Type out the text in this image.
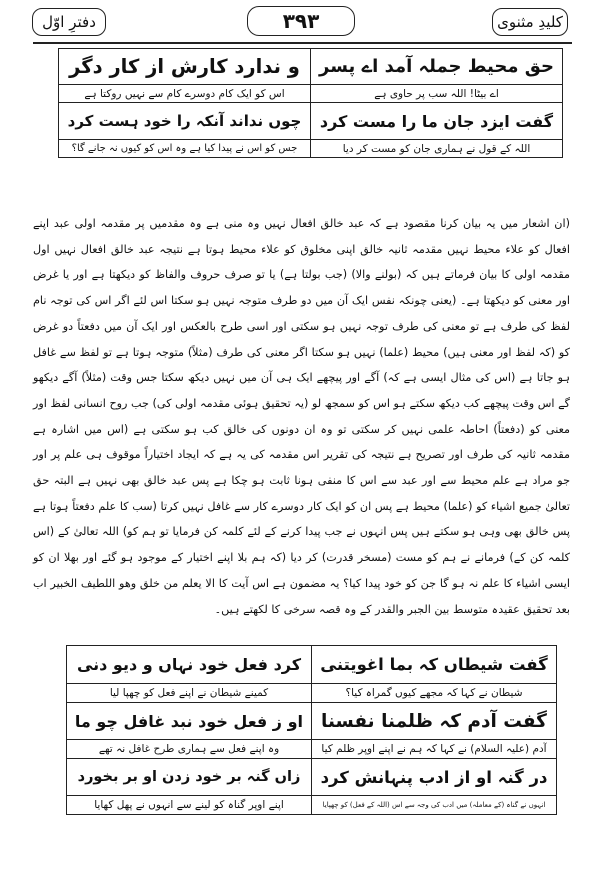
کلیدِ مثنوی
۳۹۳
دفترِ اوّل
حق محیط جملہ آمد اے پسر	و ندارد کارش از کار دگر
اے بیٹا! اللہ سب پر حاوی ہے	اس کو ایک کام دوسرے کام سے نہیں روکتا ہے
گفت ایزد جان ما را مست کرد	چوں نداند آنکہ را خود ہست کرد
اللہ کے قول نے ہماری جان کو مست کر دیا	جس کو اس نے پیدا کیا ہے وہ اس کو کیوں نہ جانے گا؟

(ان اشعار میں یہ بیان کرنا مقصود ہے کہ عبد خالق افعال نہیں وہ منی ہے وہ مقدمیں پر مقدمہ اولی عبد اپنے افعال کو علاء محیط نہیں مقدمہ ثانیہ خالق اپنی مخلوق کو علاء محیط ہوتا ہے نتیجہ عبد خالق افعال نہیں اول مقدمہ اولی کا بیان فرماتے ہیں کہ (بولنے والا) (جب بولتا ہے) یا تو صرف حروف والفاظ کو دیکھتا ہے اور یا غرض اور معنی کو دیکھتا ہے۔ (یعنی چونکہ نفس ایک آن میں دو طرف متوجہ نہیں ہو سکتا اس لئے اگر اس کی توجہ نام لفظ کی طرف ہے تو معنی کی طرف توجہ نہیں ہو سکتی اور اسی طرح بالعکس اور ایک آن میں دفعتاً دو غرض کو (کہ لفظ اور معنی ہیں) محیط (علما) نہیں ہو سکتا اگر معنی کی طرف (مثلاً) متوجہ ہوتا ہے تو لفظ سے غافل ہو جاتا ہے (اس کی مثال ایسی ہے کہ) آگے اور پیچھے ایک ہی آن میں نہیں دیکھ سکتا جس وقت (مثلاً) آگے دیکھو گے اس وقت پیچھے کب دیکھ سکتے ہو اس کو سمجھ لو (یہ تحقیق ہوئی مقدمہ اولی کی) جب روح انسانی لفظ اور معنی کو (دفعتاً) احاطہ علمی نہیں کر سکتی تو وہ ان دونوں کی خالق کب ہو سکتی ہے (اس میں اشارہ ہے مقدمہ ثانیہ کی طرف اور تصریح ہے نتیجہ کی تقریر اس مقدمہ کی یہ ہے کہ ایجاد اختیاراً موقوف ہی علم پر اور جو مراد ہے علم محیط سے اور عبد سے اس کا منفی ہونا ثابت ہو چکا ہے پس عبد خالق بھی نہیں ہے البتہ حق تعالیٰ جمیع اشیاء کو (علما) محیط ہے پس ان کو ایک کار دوسرے کار سے غافل نہیں کرتا (سب کا علم دفعتاً ہوتا ہے پس خالق بھی وہی ہو سکتے ہیں پس انہوں نے جب پیدا کرنے کے لئے کلمہ کن فرمایا تو ہم کو) اللہ تعالیٰ کے (اس کلمہ کن کے) فرمانے نے ہم کو مست (مسخر قدرت) کر دیا (کہ ہم بلا اپنے اختیار کے موجود ہو گئے اور بھلا ان کو ایسی اشیاء کا علم نہ ہو گا جن کو خود پیدا کیا؟ یہ مضمون ہے اس آیت کا الا یعلم من خلق وھو اللطیف الخبیر اب بعد تحقیق عقیدہ متوسط بین الجبر والقدر کے وہ قصہ سرخی کا لکھتے ہیں۔

گفت شیطاں کہ بما اغویتنی	کرد فعل خود نہاں و دیو دنی
شیطان نے کہا کہ مجھے کیوں گمراہ کیا؟	کمینے شیطان نے اپنے فعل کو چھپا لیا
گفت آدم کہ ظلمنا نفسنا	او ز فعل خود نبد غافل چو ما
آدم (علیہ السلام) نے کہا کہ ہم نے اپنے اوپر ظلم کیا	وہ اپنے فعل سے ہماری طرح غافل نہ تھے
در گنہ او از ادب پنہانش کرد	زاں گنہ بر خود زدن او بر بخورد
انہوں نے گناہ (کے معاملہ) میں ادب کی وجہ سے اس (اللہ کے فعل) کو چھپایا	اپنے اوپر گناہ کو لینے سے انہوں نے پھل کھایا
